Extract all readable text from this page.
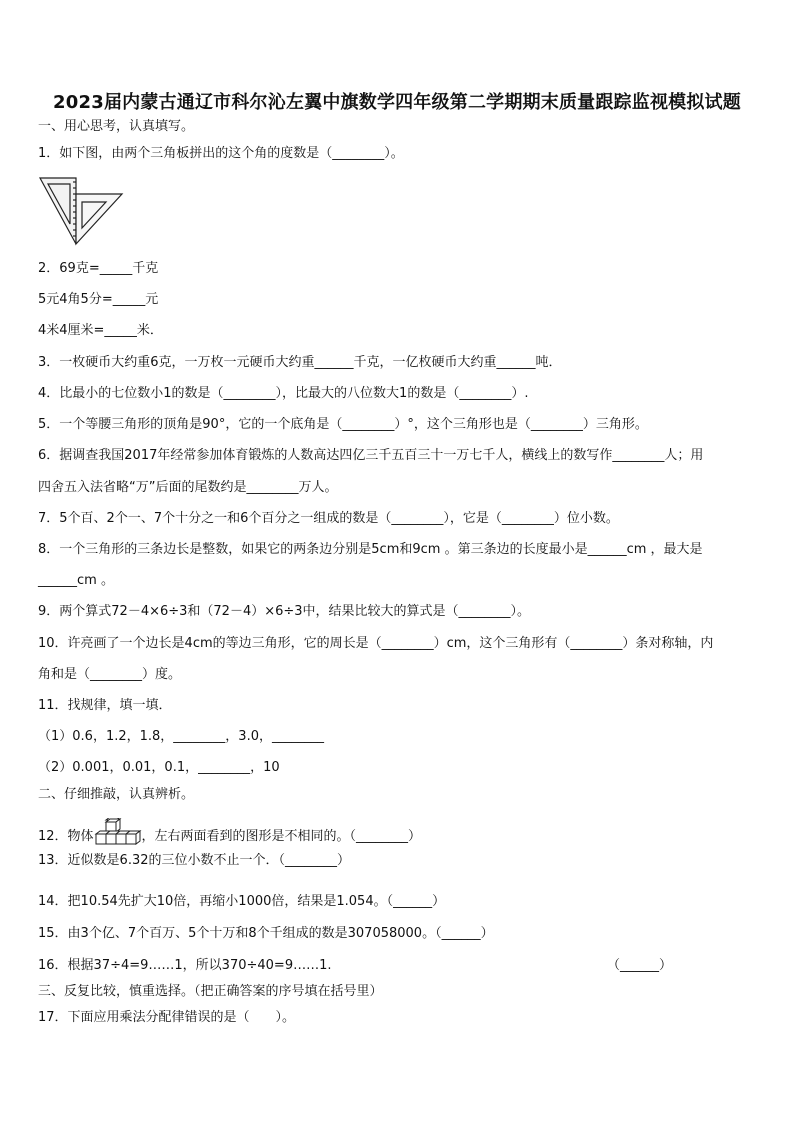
2023届内蒙古通辽市科尔沁左翼中旗数学四年级第二学期期末质量跟踪监视模拟试题
一、用心思考，认真填写。
1．如下图，由两个三角板拼出的这个角的度数是（________）。
2．69克=_____千克
5元4角5分=_____元
4米4厘米=_____米．
3．一枚硬币大约重6克，一万枚一元硬币大约重______千克，一亿枚硬币大约重______吨．
4．比最小的七位数小1的数是（________），比最大的八位数大1的数是（________）.
5．一个等腰三角形的顶角是90°，它的一个底角是（________）°，这个三角形也是（________）三角形。
6．据调查我国2017年经常参加体育锻炼的人数高达四亿三千五百三十一万七千人，横线上的数写作________人；用
四舍五入法省略“万”后面的尾数约是________万人。
7．5个百、2个一、7个十分之一和6个百分之一组成的数是（________），它是（________）位小数。
8．一个三角形的三条边长是整数，如果它的两条边分别是5cm和9cm 。第三条边的长度最小是______cm ，最大是
______cm 。
9．两个算式72－4×6÷3和（72－4）×6÷3中，结果比较大的算式是（________）。
10．许亮画了一个边长是4cm的等边三角形，它的周长是（________）cm，这个三角形有（________）条对称轴，内
角和是（________）度。
11．找规律，填一填．
（1）0.6，1.2，1.8，________，3.0，________
（2）0.001，0.01，0.1，________，10
二、仔细推敲，认真辨析。
12．物体	，左右两面看到的图形是不相同的。（________）
13．近似数是6.32的三位小数不止一个．（________）
14．把10.54先扩大10倍，再缩小1000倍，结果是1.054。（______）
15．由3个亿、7个百万、5个十万和8个千组成的数是307058000。（______）
16．根据37÷4=9……1，所以370÷40=9……1.	（______）
三、反复比较，慎重选择。（把正确答案的序号填在括号里）
17．下面应用乘法分配律错误的是（　　）。
